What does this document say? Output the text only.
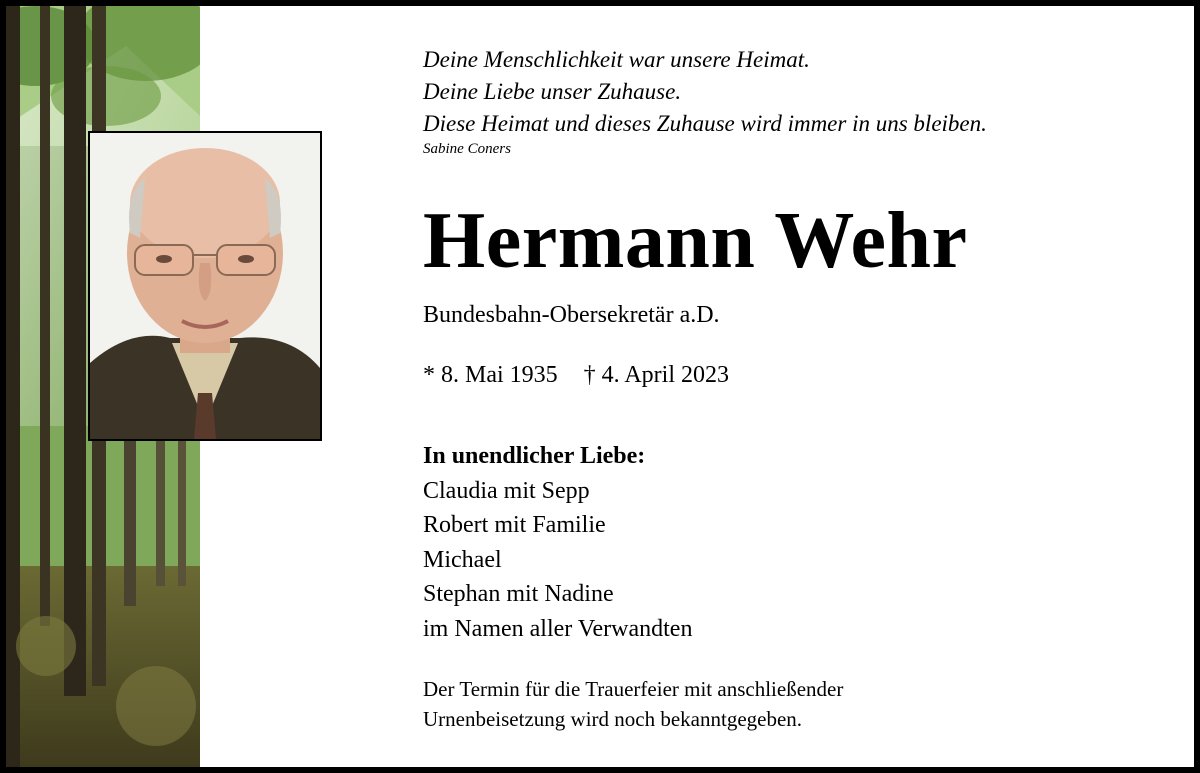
Deine Menschlichkeit war unsere Heimat.
Deine Liebe unser Zuhause.
Diese Heimat und dieses Zuhause wird immer in uns bleiben.
Sabine Coners
Hermann Wehr
Bundesbahn-Obersekretär a.D.
* 8. Mai 1935 † 4. April 2023
In unendlicher Liebe:
Claudia mit Sepp
Robert mit Familie
Michael
Stephan mit Nadine
im Namen aller Verwandten
Der Termin für die Trauerfeier mit anschließender
Urnenbeisetzung wird noch bekanntgegeben.
